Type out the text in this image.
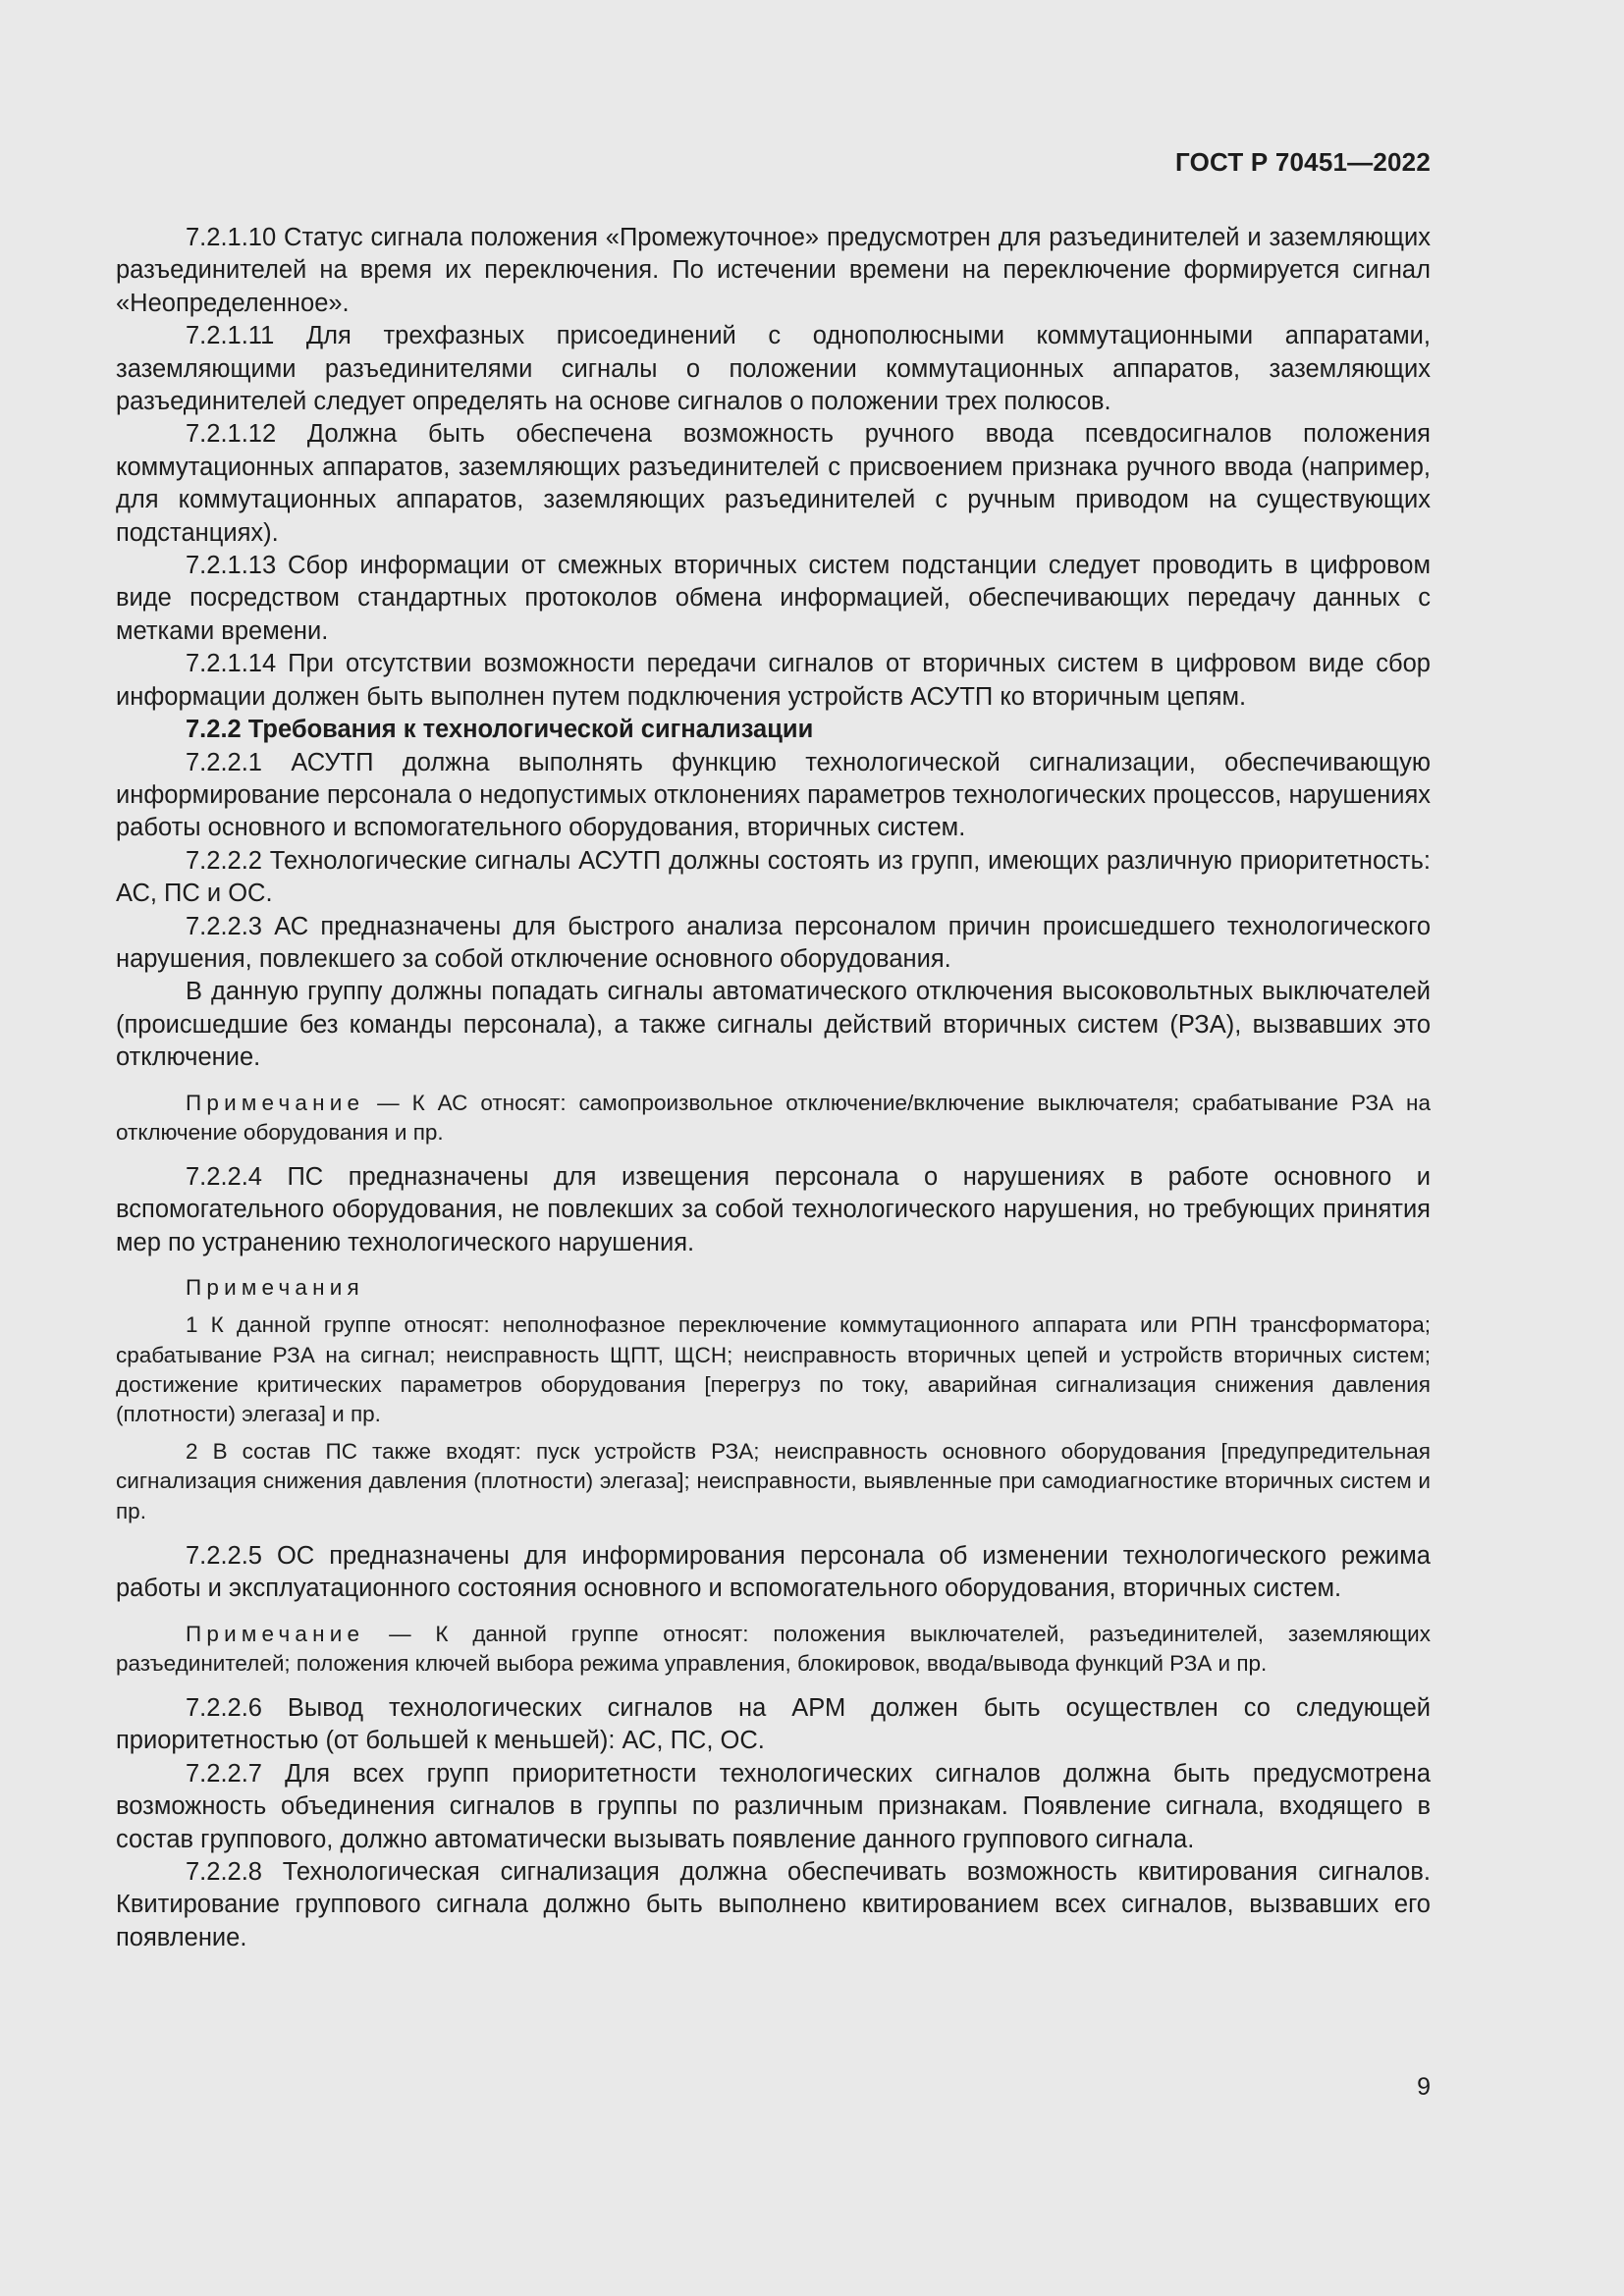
ГОСТ Р 70451—2022

7.2.1.10 Статус сигнала положения «Промежуточное» предусмотрен для разъединителей и заземляющих разъединителей на время их переключения. По истечении времени на переключение формируется сигнал «Неопределенное».

7.2.1.11 Для трехфазных присоединений с однополюсными коммутационными аппаратами, заземляющими разъединителями сигналы о положении коммутационных аппаратов, заземляющих разъединителей следует определять на основе сигналов о положении трех полюсов.

7.2.1.12 Должна быть обеспечена возможность ручного ввода псевдосигналов положения коммутационных аппаратов, заземляющих разъединителей с присвоением признака ручного ввода (например, для коммутационных аппаратов, заземляющих разъединителей с ручным приводом на существующих подстанциях).

7.2.1.13 Сбор информации от смежных вторичных систем подстанции следует проводить в цифровом виде посредством стандартных протоколов обмена информацией, обеспечивающих передачу данных с метками времени.

7.2.1.14 При отсутствии возможности передачи сигналов от вторичных систем в цифровом виде сбор информации должен быть выполнен путем подключения устройств АСУТП ко вторичным цепям.

7.2.2 Требования к технологической сигнализации

7.2.2.1 АСУТП должна выполнять функцию технологической сигнализации, обеспечивающую информирование персонала о недопустимых отклонениях параметров технологических процессов, нарушениях работы основного и вспомогательного оборудования, вторичных систем.

7.2.2.2 Технологические сигналы АСУТП должны состоять из групп, имеющих различную приоритетность: АС, ПС и ОС.

7.2.2.3 АС предназначены для быстрого анализа персоналом причин происшедшего технологического нарушения, повлекшего за собой отключение основного оборудования.

В данную группу должны попадать сигналы автоматического отключения высоковольтных выключателей (происшедшие без команды персонала), а также сигналы действий вторичных систем (РЗА), вызвавших это отключение.

Примечание — К АС относят: самопроизвольное отключение/включение выключателя; срабатывание РЗА на отключение оборудования и пр.

7.2.2.4 ПС предназначены для извещения персонала о нарушениях в работе основного и вспомогательного оборудования, не повлекших за собой технологического нарушения, но требующих принятия мер по устранению технологического нарушения.

Примечания

1 К данной группе относят: неполнофазное переключение коммутационного аппарата или РПН трансформатора; срабатывание РЗА на сигнал; неисправность ЩПТ, ЩСН; неисправность вторичных цепей и устройств вторичных систем; достижение критических параметров оборудования [перегруз по току, аварийная сигнализация снижения давления (плотности) элегаза] и пр.

2 В состав ПС также входят: пуск устройств РЗА; неисправность основного оборудования [предупредительная сигнализация снижения давления (плотности) элегаза]; неисправности, выявленные при самодиагностике вторичных систем и пр.

7.2.2.5 ОС предназначены для информирования персонала об изменении технологического режима работы и эксплуатационного состояния основного и вспомогательного оборудования, вторичных систем.

Примечание — К данной группе относят: положения выключателей, разъединителей, заземляющих разъединителей; положения ключей выбора режима управления, блокировок, ввода/вывода функций РЗА и пр.

7.2.2.6 Вывод технологических сигналов на АРМ должен быть осуществлен со следующей приоритетностью (от большей к меньшей): АС, ПС, ОС.

7.2.2.7 Для всех групп приоритетности технологических сигналов должна быть предусмотрена возможность объединения сигналов в группы по различным признакам. Появление сигнала, входящего в состав группового, должно автоматически вызывать появление данного группового сигнала.

7.2.2.8 Технологическая сигнализация должна обеспечивать возможность квитирования сигналов. Квитирование группового сигнала должно быть выполнено квитированием всех сигналов, вызвавших его появление.

9
